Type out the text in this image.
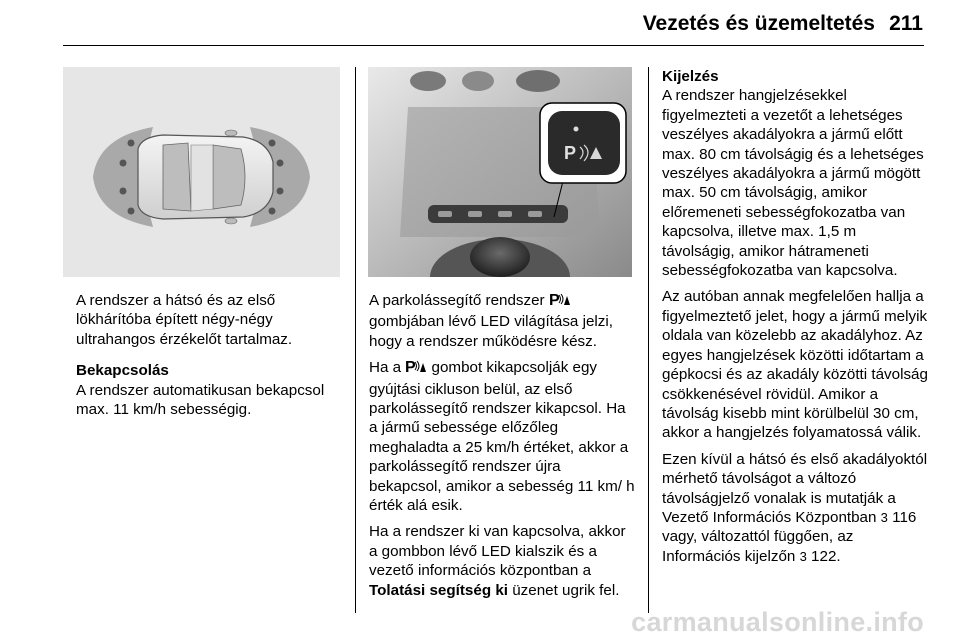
Vezetés és üzemeltetés 211
P

A rendszer a hátsó és az első lökhárítóba épített négy-négy ultrahangos érzékelőt tartalmaz.

Bekapcsolás
A rendszer automatikusan bekapcsol max. 11 km/h sebességig.

A parkolássegítő rendszer P
gombjában lévő LED világítása jelzi, hogy a rendszer működésre kész.

Ha a P gombot kikapcsolják egy gyújtási cikluson belül, az első parkolássegítő rendszer kikapcsol. Ha a jármű sebessége előzőleg meghaladta a 25 km/h értéket, akkor a parkolássegítő rendszer újra bekapcsol, amikor a sebesség 11 km/ h érték alá esik.

Ha a rendszer ki van kapcsolva, akkor a gombbon lévő LED kialszik és a vezető információs központban a Tolatási segítség ki üzenet ugrik fel.

Kijelzés
A rendszer hangjelzésekkel figyelmezteti a vezetőt a lehetséges veszélyes akadályokra a jármű előtt max. 80 cm távolságig és a lehetséges veszélyes akadályokra a jármű mögött max. 50 cm távolságig, amikor előremeneti sebességfokozatba van kapcsolva, illetve max. 1,5 m távolságig, amikor hátrameneti sebességfokozatba van kapcsolva.

Az autóban annak megfelelően hallja a figyelmeztető jelet, hogy a jármű melyik oldala van közelebb az akadályhoz. Az egyes hangjelzések közötti időtartam a gépkocsi és az akadály közötti távolság csökkenésével rövidül. Amikor a távolság kisebb mint körülbelül 30 cm, akkor a hangjelzés folyamatossá válik.

Ezen kívül a hátsó és első akadályoktól mérhető távolságot a változó távolságjelző vonalak is mutatják a Vezető Információs Központban 3 116 vagy, változattól függően, az Információs kijelzőn 3 122.

carmanualsonline.info
